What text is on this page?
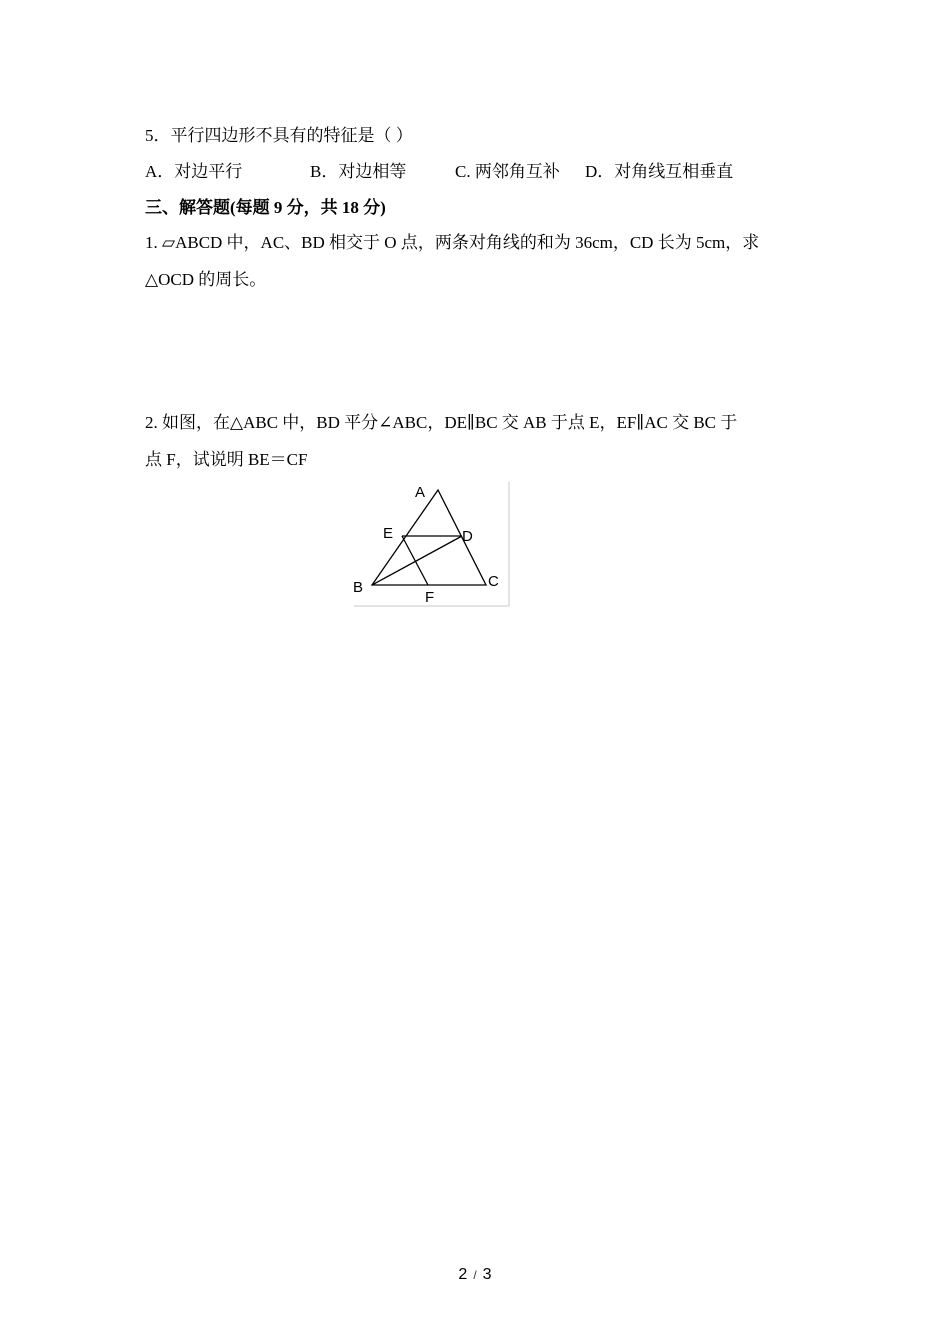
5．平行四边形不具有的特征是（ ）
A．对边平行	B．对边相等	C. 两邻角互补 D．对角线互相垂直
三、解答题(每题 9 分，共 18 分)
1. ▱ABCD 中，AC、BD 相交于 O 点，两条对角线的和为 36cm，CD 长为 5cm，求
△OCD 的周长。
2. 如图，在△ABC 中，BD 平分∠ABC，DE∥BC 交 AB 于点 E，EF∥AC 交 BC 于
点 F，试说明 BE＝CF
A
E	D
B	C
F
2 / 3
